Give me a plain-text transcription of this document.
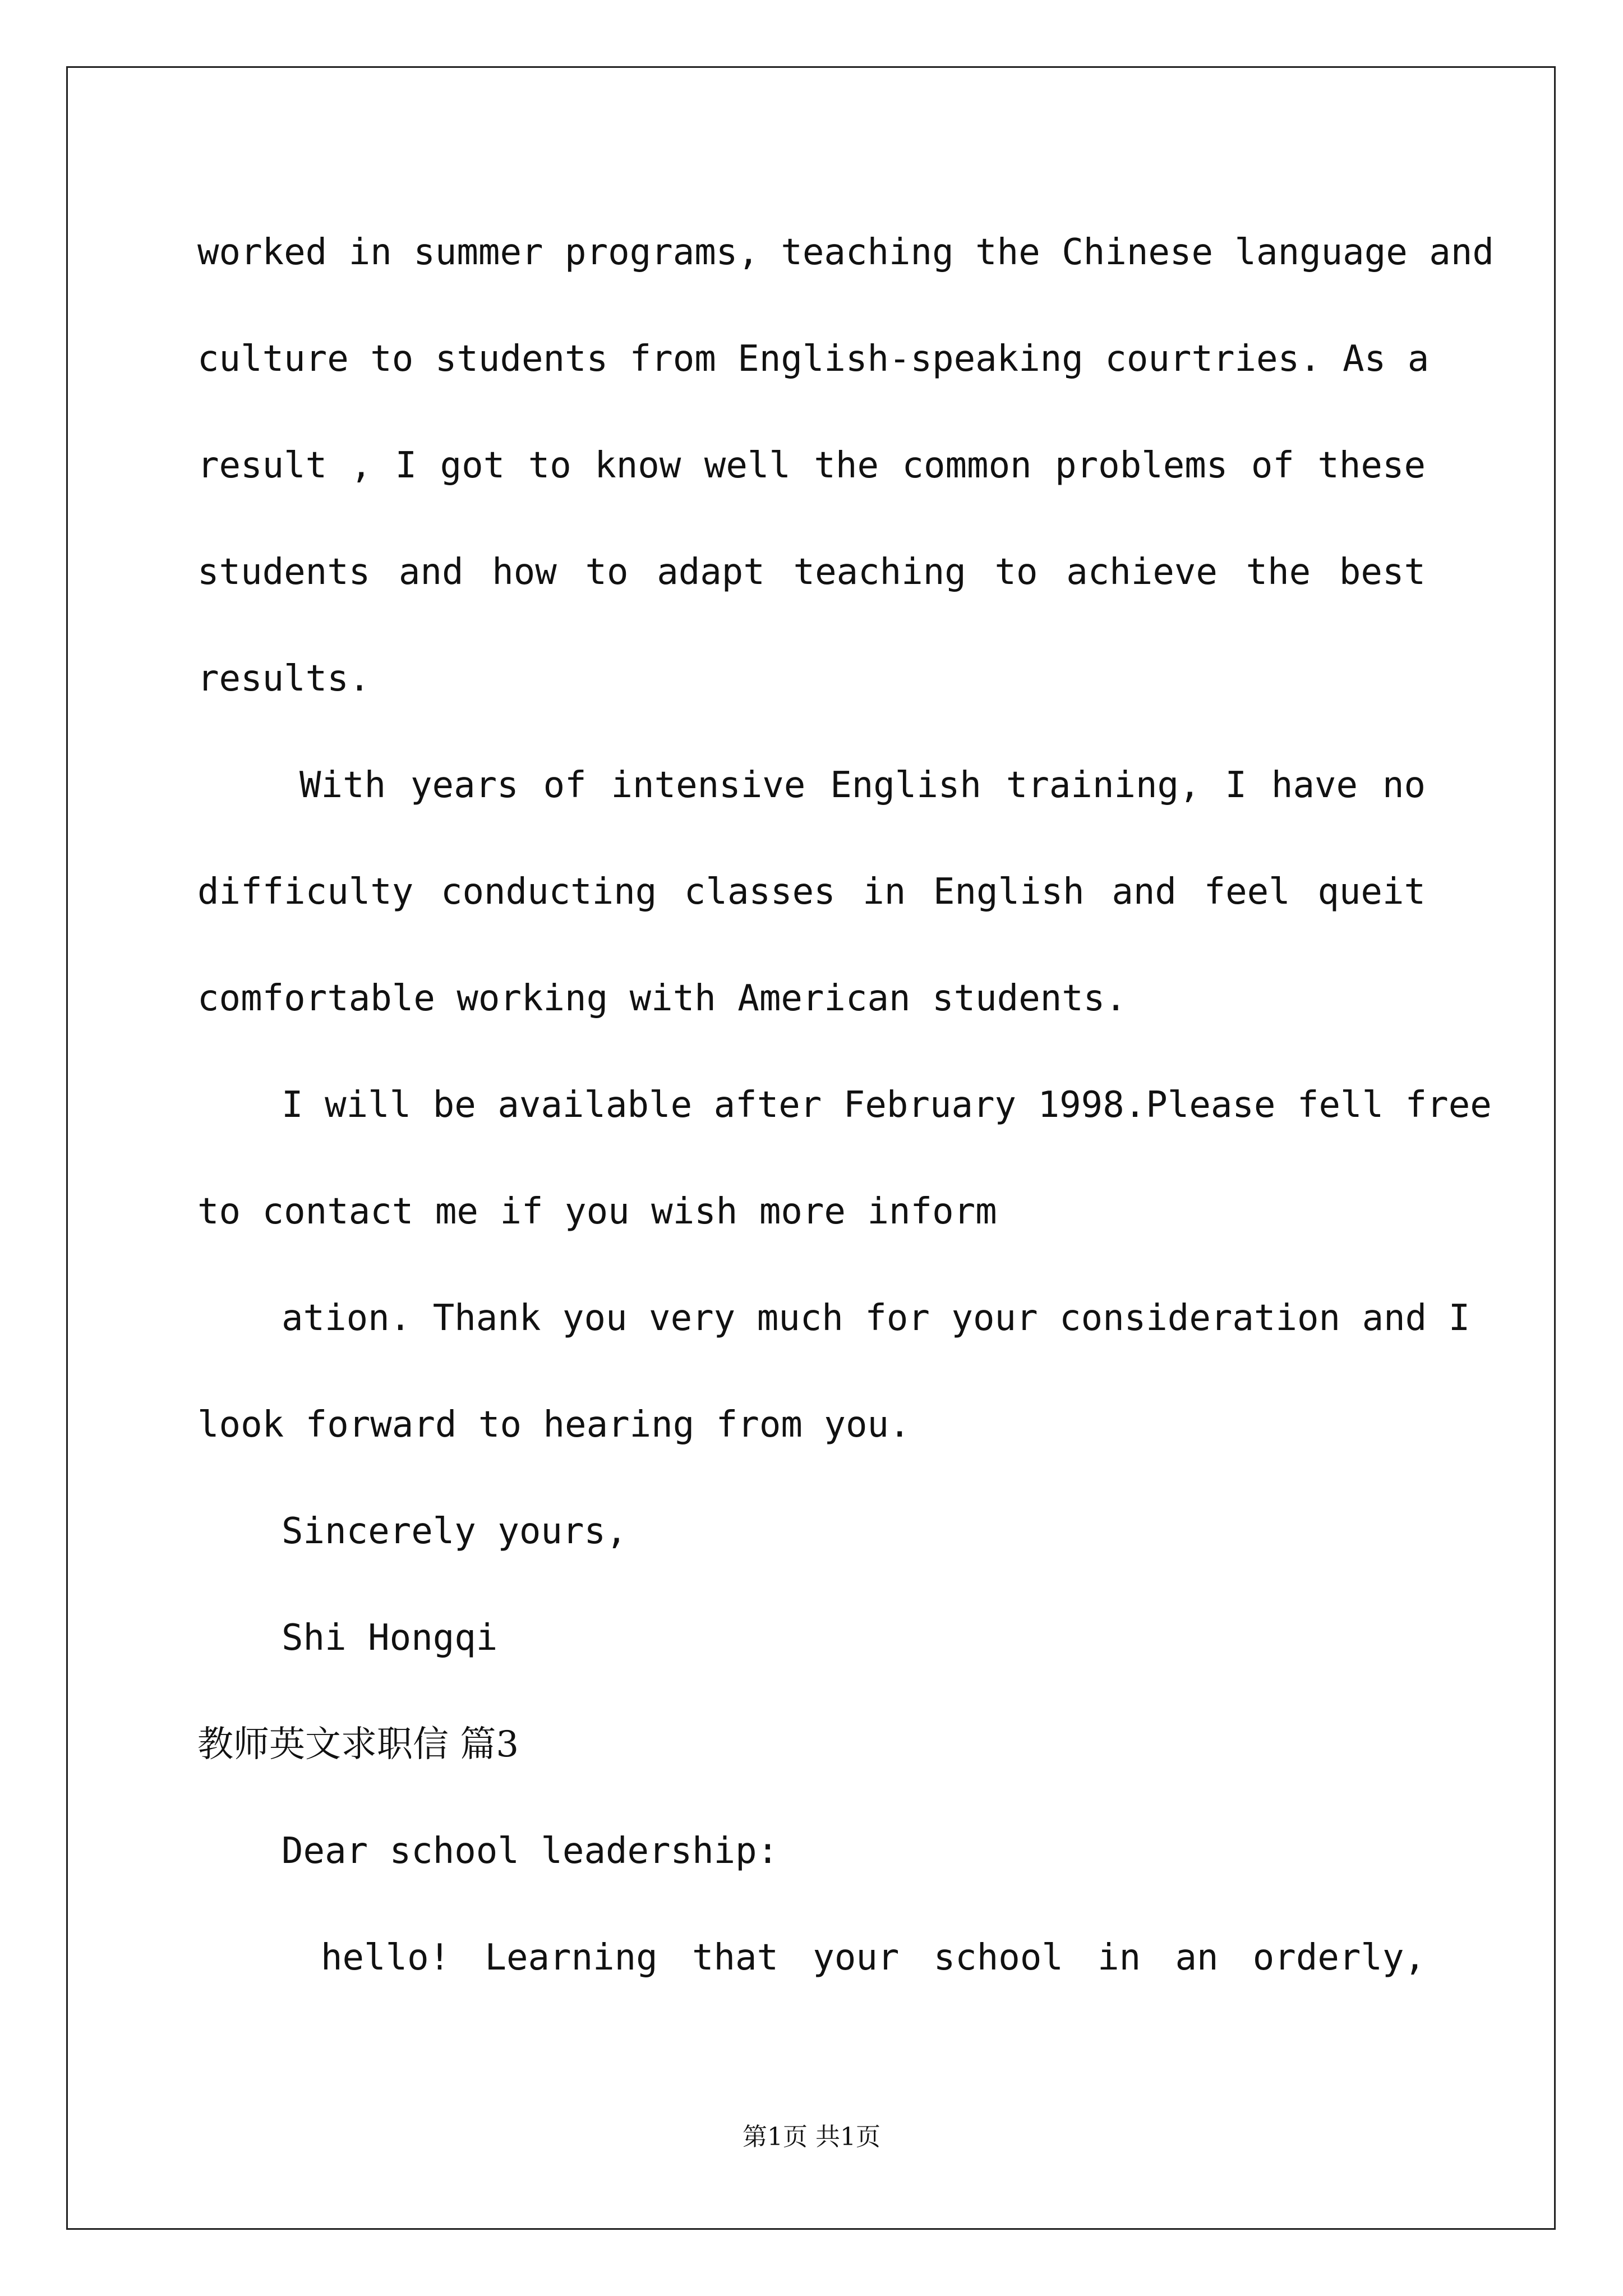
worked in summer programs, teaching the Chinese language and
culture to students from English-speaking courtries. As a
result , I got to know well the common problems of these
students and how to adapt teaching to achieve the best
results.
With years of intensive English training, I have no
difficulty conducting classes in English and feel queit
comfortable working with American students.
I will be available after February 1998.Please fell free
to contact me if you wish more inform
ation. Thank you very much for your consideration and I
look forward to hearing from you.
Sincerely yours,
Shi Hongqi
教师英文求职信 篇3
Dear school leadership:
hello! Learning that your school in an orderly,
第1页 共1页
